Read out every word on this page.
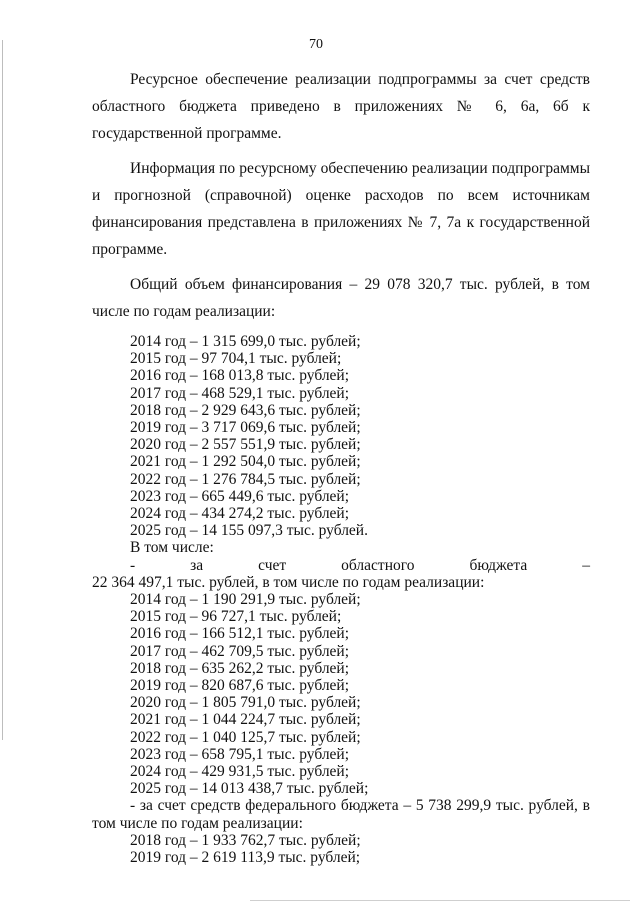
70

Ресурсное обеспечение реализации подпрограммы за счет средств областного бюджета приведено в приложениях № 6, 6а, 6б к государственной программе.

Информация по ресурсному обеспечению реализации подпрограммы и прогнозной (справочной) оценке расходов по всем источникам финансирования представлена в приложениях № 7, 7а к государственной программе.

Общий объем финансирования – 29 078 320,7 тыс. рублей, в том числе по годам реализации:

2014 год – 1 315 699,0 тыс. рублей;
2015 год – 97 704,1 тыс. рублей;
2016 год – 168 013,8 тыс. рублей;
2017 год – 468 529,1 тыс. рублей;
2018 год – 2 929 643,6 тыс. рублей;
2019 год – 3 717 069,6 тыс. рублей;
2020 год – 2 557 551,9 тыс. рублей;
2021 год – 1 292 504,0 тыс. рублей;
2022 год – 1 276 784,5 тыс. рублей;
2023 год – 665 449,6 тыс. рублей;
2024 год – 434 274,2 тыс. рублей;
2025 год – 14 155 097,3 тыс. рублей.
В том числе:
-	за	счет	областного	бюджета	–
22 364 497,1 тыс. рублей, в том числе по годам реализации:
2014 год – 1 190 291,9 тыс. рублей;
2015 год – 96 727,1 тыс. рублей;
2016 год – 166 512,1 тыс. рублей;
2017 год – 462 709,5 тыс. рублей;
2018 год – 635 262,2 тыс. рублей;
2019 год – 820 687,6 тыс. рублей;
2020 год – 1 805 791,0 тыс. рублей;
2021 год – 1 044 224,7 тыс. рублей;
2022 год – 1 040 125,7 тыс. рублей;
2023 год – 658 795,1 тыс. рублей;
2024 год – 429 931,5 тыс. рублей;
2025 год – 14 013 438,7 тыс. рублей;

- за счет средств федерального бюджета – 5 738 299,9 тыс. рублей, в том числе по годам реализации:

2018 год – 1 933 762,7 тыс. рублей;
2019 год – 2 619 113,9 тыс. рублей;
